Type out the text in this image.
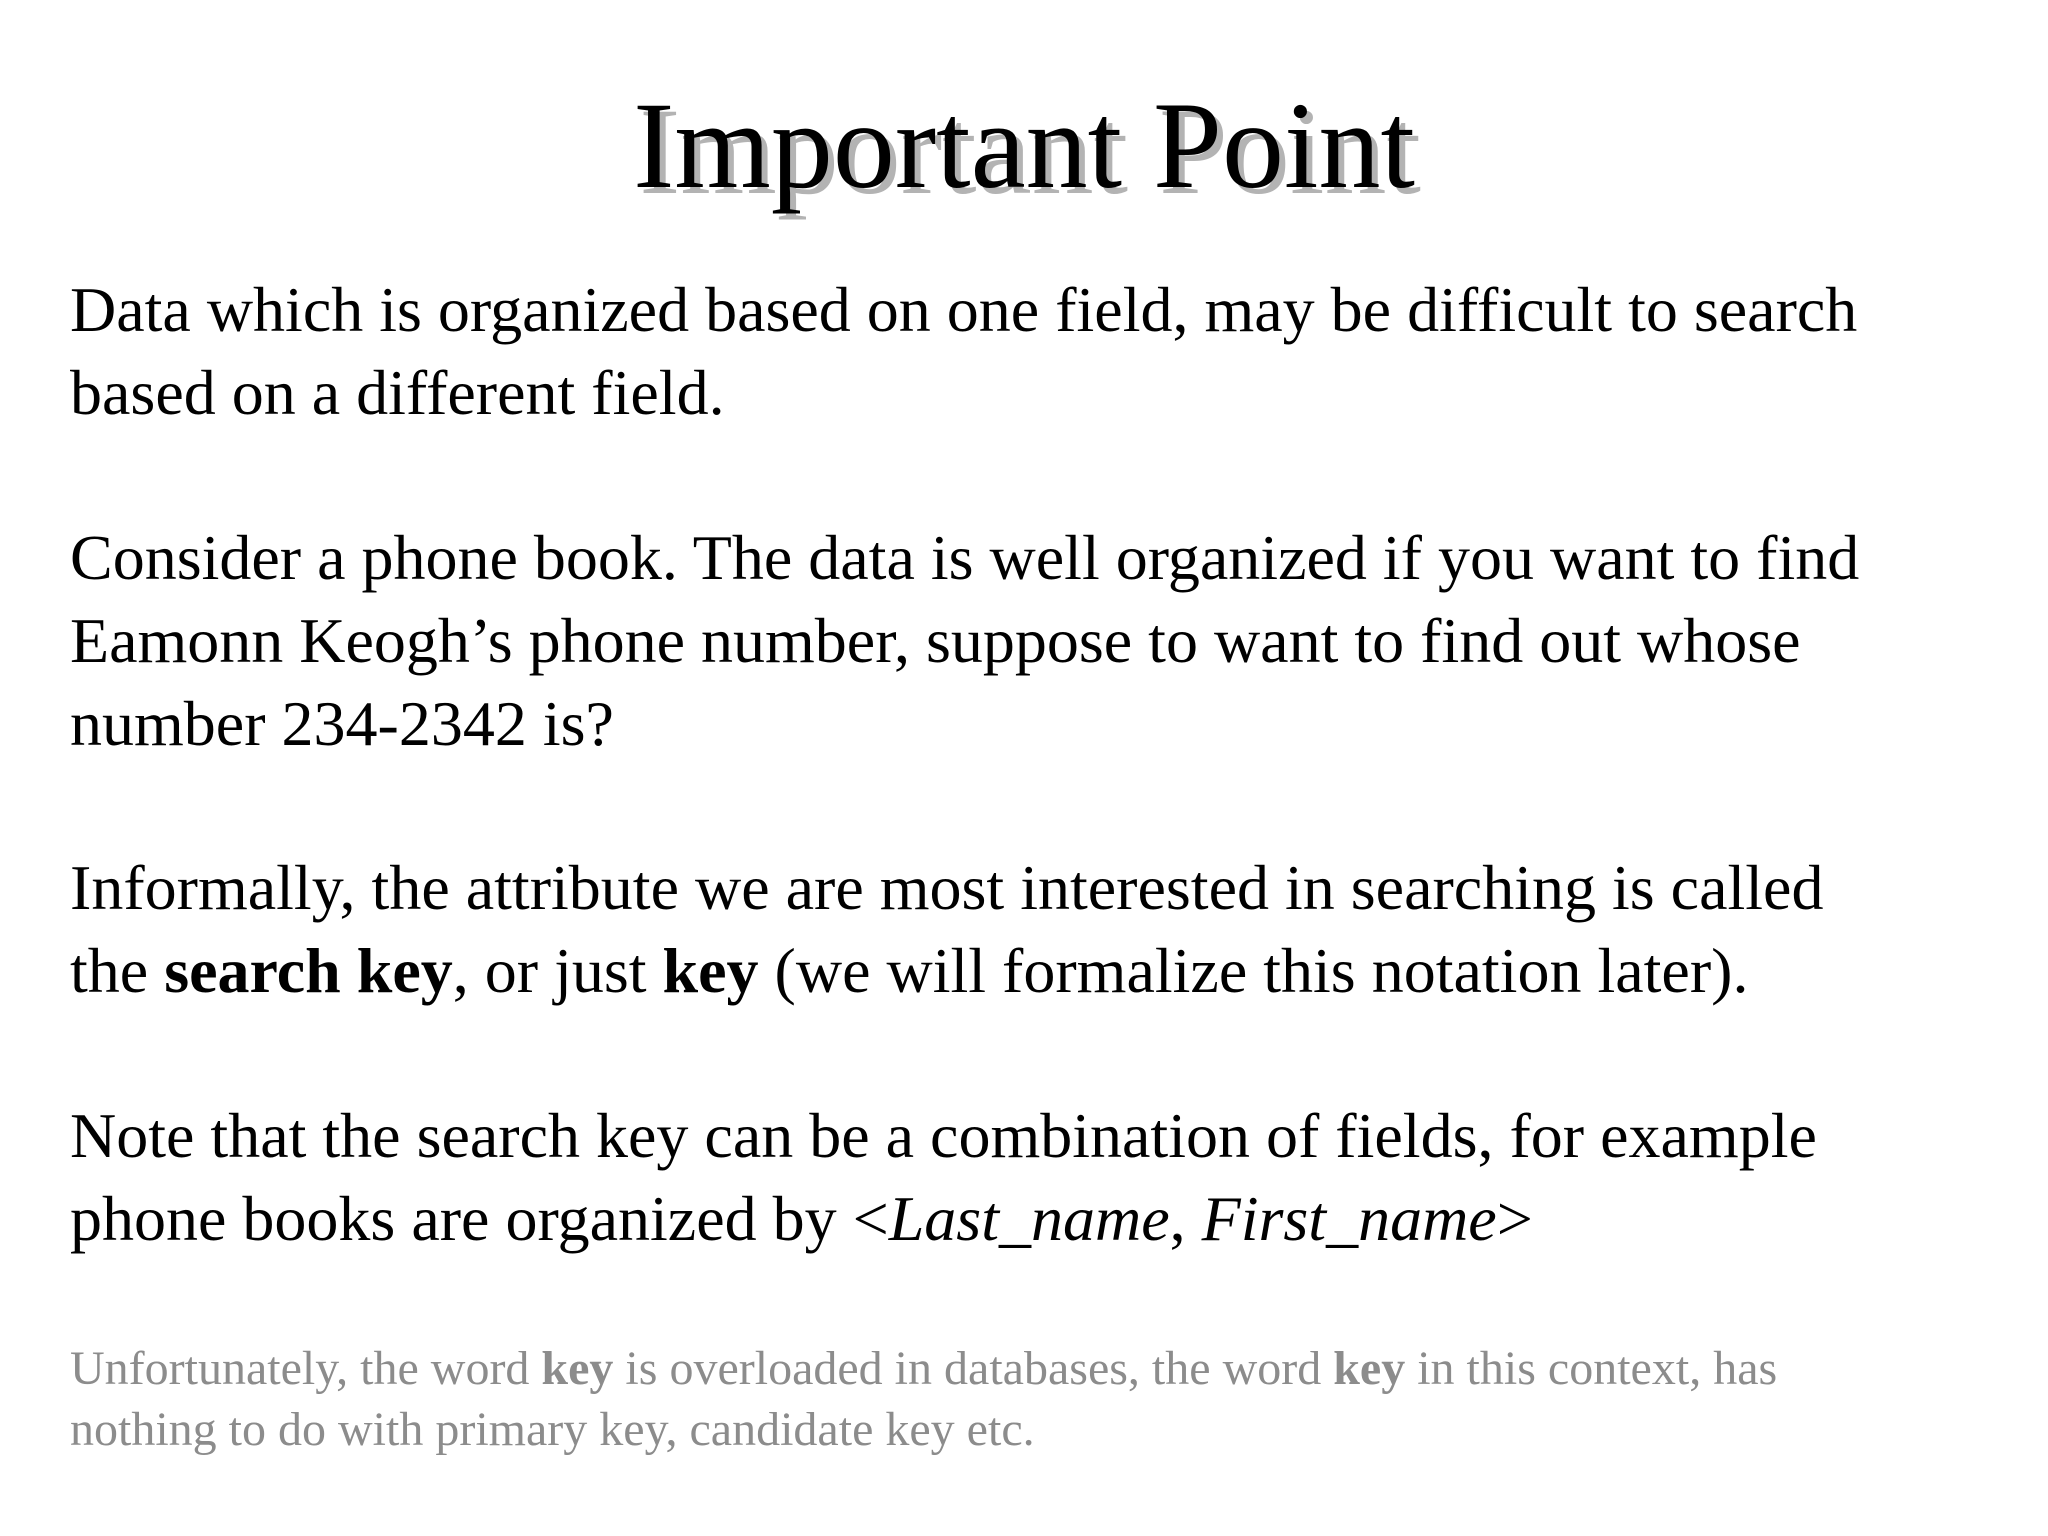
Important Point

Data which is organized based on one field, may be difficult to search
based on a different field.

Consider a phone book. The data is well organized if you want to find
Eamonn Keogh’s phone number, suppose to want to find out whose
number 234-2342 is?

Informally, the attribute we are most interested in searching is called
the search key, or just key (we will formalize this notation later).

Note that the search key can be a combination of fields, for example
phone books are organized by <Last_name, First_name>

Unfortunately, the word key is overloaded in databases, the word key in this context, has
nothing to do with primary key, candidate key etc.
